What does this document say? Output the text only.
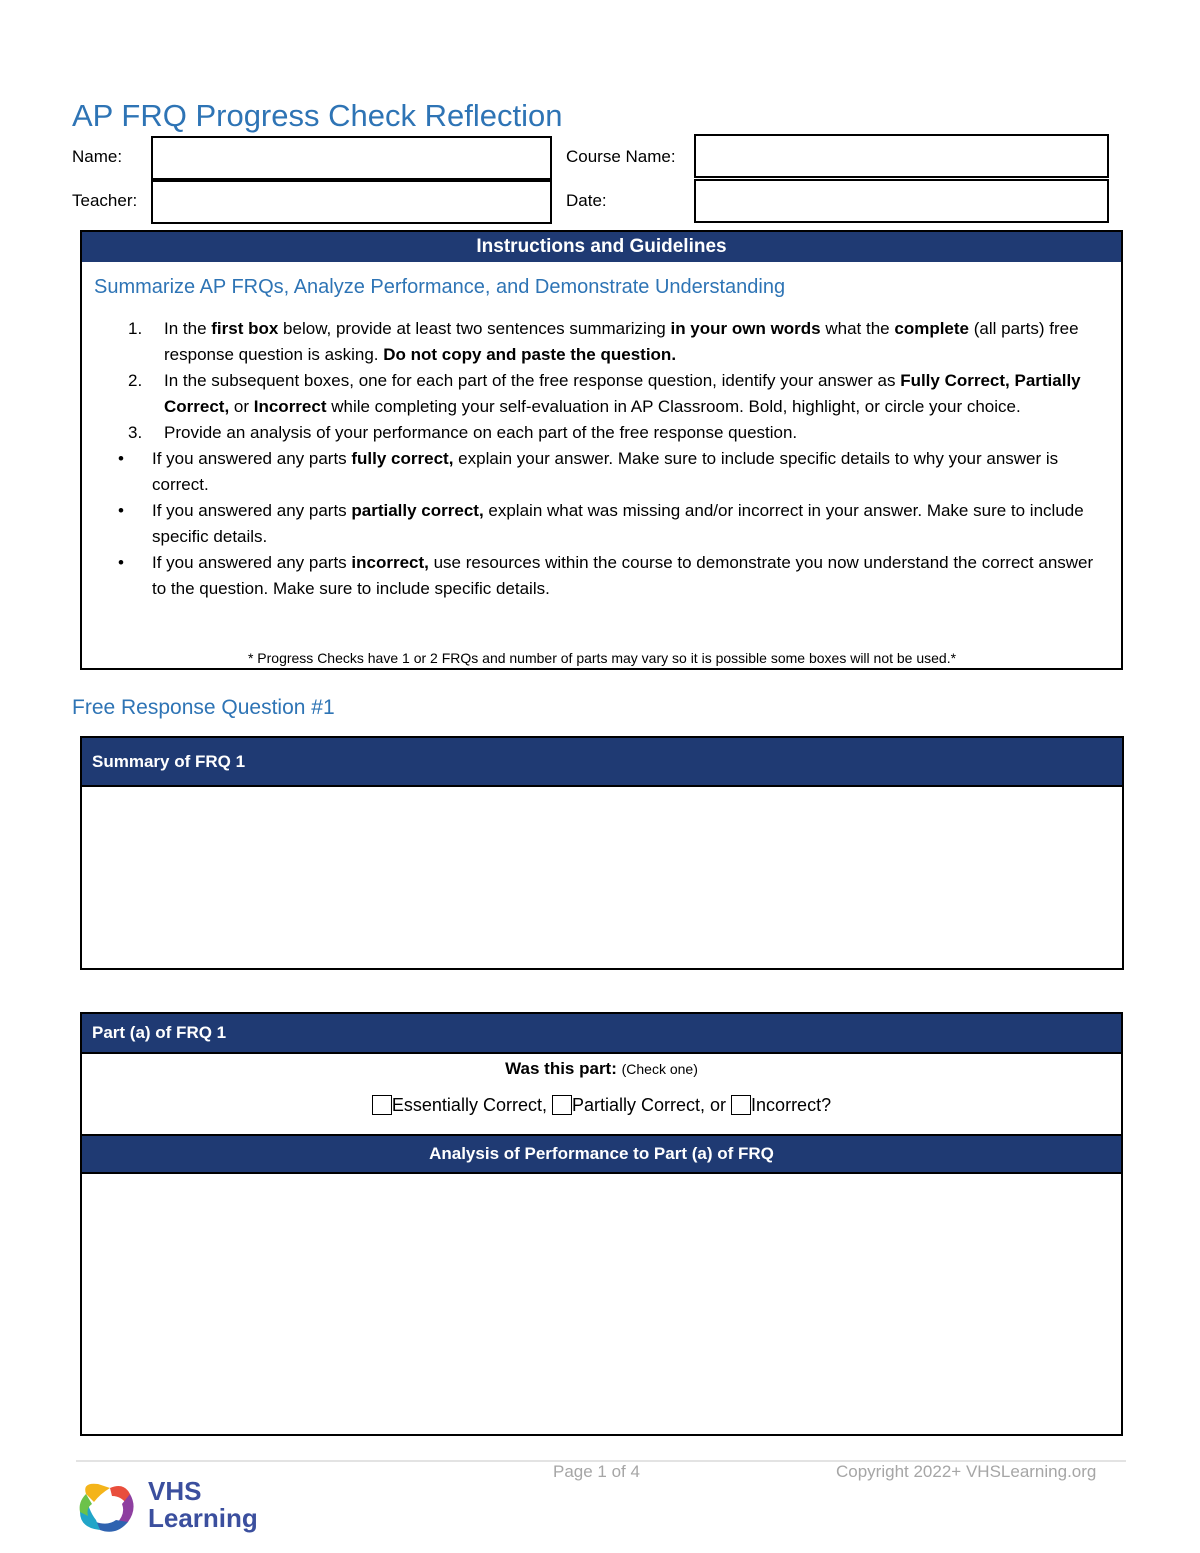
AP FRQ Progress Check Reflection
Name:	Course Name:
Teacher:	Date:
Instructions and Guidelines
Summarize AP FRQs, Analyze Performance, and Demonstrate Understanding
1. In the first box below, provide at least two sentences summarizing in your own words what the complete (all parts) free response question is asking. Do not copy and paste the question.
2. In the subsequent boxes, one for each part of the free response question, identify your answer as Fully Correct, Partially Correct, or Incorrect while completing your self-evaluation in AP Classroom. Bold, highlight, or circle your choice.
3. Provide an analysis of your performance on each part of the free response question.
• If you answered any parts fully correct, explain your answer. Make sure to include specific details to why your answer is correct.
• If you answered any parts partially correct, explain what was missing and/or incorrect in your answer. Make sure to include specific details.
• If you answered any parts incorrect, use resources within the course to demonstrate you now understand the correct answer to the question. Make sure to include specific details.
* Progress Checks have 1 or 2 FRQs and number of parts may vary so it is possible some boxes will not be used.*
Free Response Question #1
Summary of FRQ 1
Part (a) of FRQ 1
Was this part: (Check one)
Essentially Correct, Partially Correct, or Incorrect?
Analysis of Performance to Part (a) of FRQ
Page 1 of 4	Copyright 2022+ VHSLearning.org
VHS
Learning
